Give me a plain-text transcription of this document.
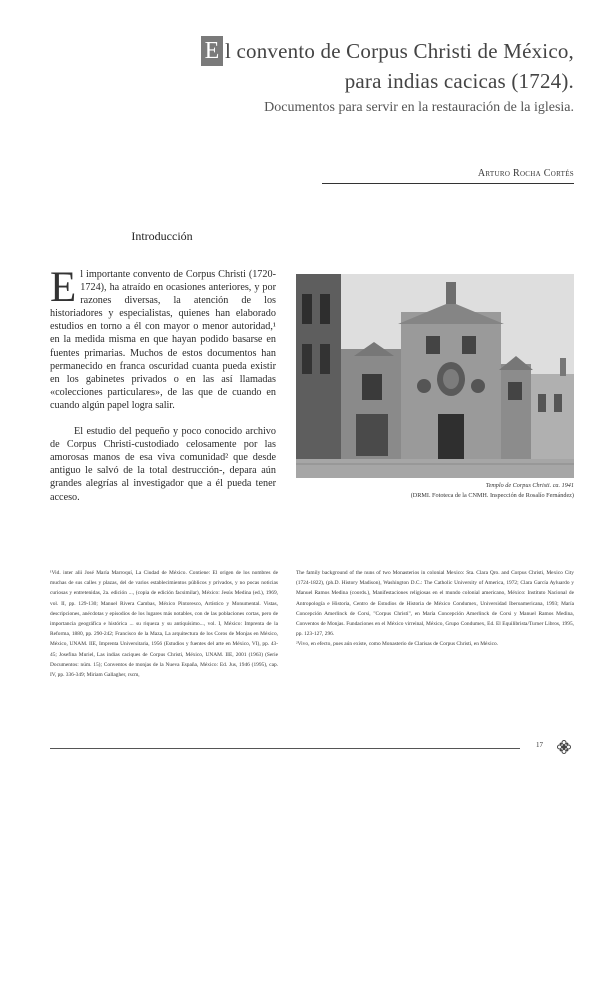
E l convento de Corpus Christi de México,
para indias cacicas (1724).
Documentos para servir en la restauración de la iglesia.
Arturo Rocha Cortés
Introducción

El importante convento de Corpus Christi (1720-1724), ha atraído en ocasiones anteriores, y por razones diversas, la atención de los historiadores y especialistas, quienes han elaborado estudios en torno a él con mayor o menor autoridad,¹ en la medida misma en que hayan podido basarse en fuentes primarias. Muchos de estos documentos han permanecido en franca oscuridad cuanta pueda existir en los gabinetes privados o en las así llamadas «colecciones particulares», de las que de cuando en cuando algún papel logra salir.

El estudio del pequeño y poco conocido archivo de Corpus Christi-custodiado celosamente por las amorosas manos de esa viva comunidad² que desde antiguo le salvó de la total destrucción-, depara aún grandes alegrías al investigador que a él pueda tener acceso.

Templo de Corpus Christi. ca. 1941
(DRMI. Fototeca de la CNMH. Inspección de Rosalío Fernández)

¹Vid. inter alii José María Marroquí, La Ciudad de México. Contiene: El origen de los nombres de muchas de sus calles y plazas, del de varios establecimientos públicos y privados, y no pocas noticias curiosas y entretenidas, 2a. edición ..., (copia de edición facsimilar), México: Jesús Medina (ed.), 1969, vol. II, pp. 129-130; Manuel Rivera Cambas, México Pintoresco, Artístico y Monumental. Vistas, descripciones, anécdotas y episodios de los lugares más notables, con de las poblaciones cortas, pero de importancia geográfica e histórica ... su riqueza y su antiquísimo..., vol. I, México: Imprenta de la Reforma, 1880, pp. 290-242; Francisco de la Maza, La arquitectura de los Coros de Monjas en México, México, UNAM. IIE, Imprenta Universitaria, 1956 (Estudios y fuentes del arte en México, VI), pp. 43-45; Josefina Muriel, Las indias caciques de Corpus Christi, México, UNAM. IIE, 2001 (1963) (Serie Documentos: núm. 15); Conventos de monjas de la Nueva España, México: Ed. Jus, 1946 (1995), cap. IV, pp. 336-349; Miriam Gallagher, rscm,

The family background of the nuns of two Monasterios in colonial Mexico: Sta. Clara Qro. and Corpus Christi, Mexico City (1724-1822), (ph.D. History Madison), Washington D.C.: The Catholic University of America, 1972; Clara García Ayluardo y Manuel Ramos Medina (coords.), Manifestaciones religiosas en el mundo colonial americano, México: Instituto Nacional de Antropología e Historia, Centro de Estudios de Historia de México Condumex, Universidad Iberoamericana, 1993; María Concepción Amerlinck de Corsi, "Corpus Christi", en María Concepción Amerlinck de Corsi y Manuel Ramos Medina, Conventos de Monjas. Fundaciones en el México virreinal, México, Grupo Condumex, Ed. El Equilibrista/Turner Libros, 1995, pp. 123-127, 296.
²Vivo, en efecto, pues aún existe, como Monasterio de Clarisas de Corpus Christi, en México.

17
